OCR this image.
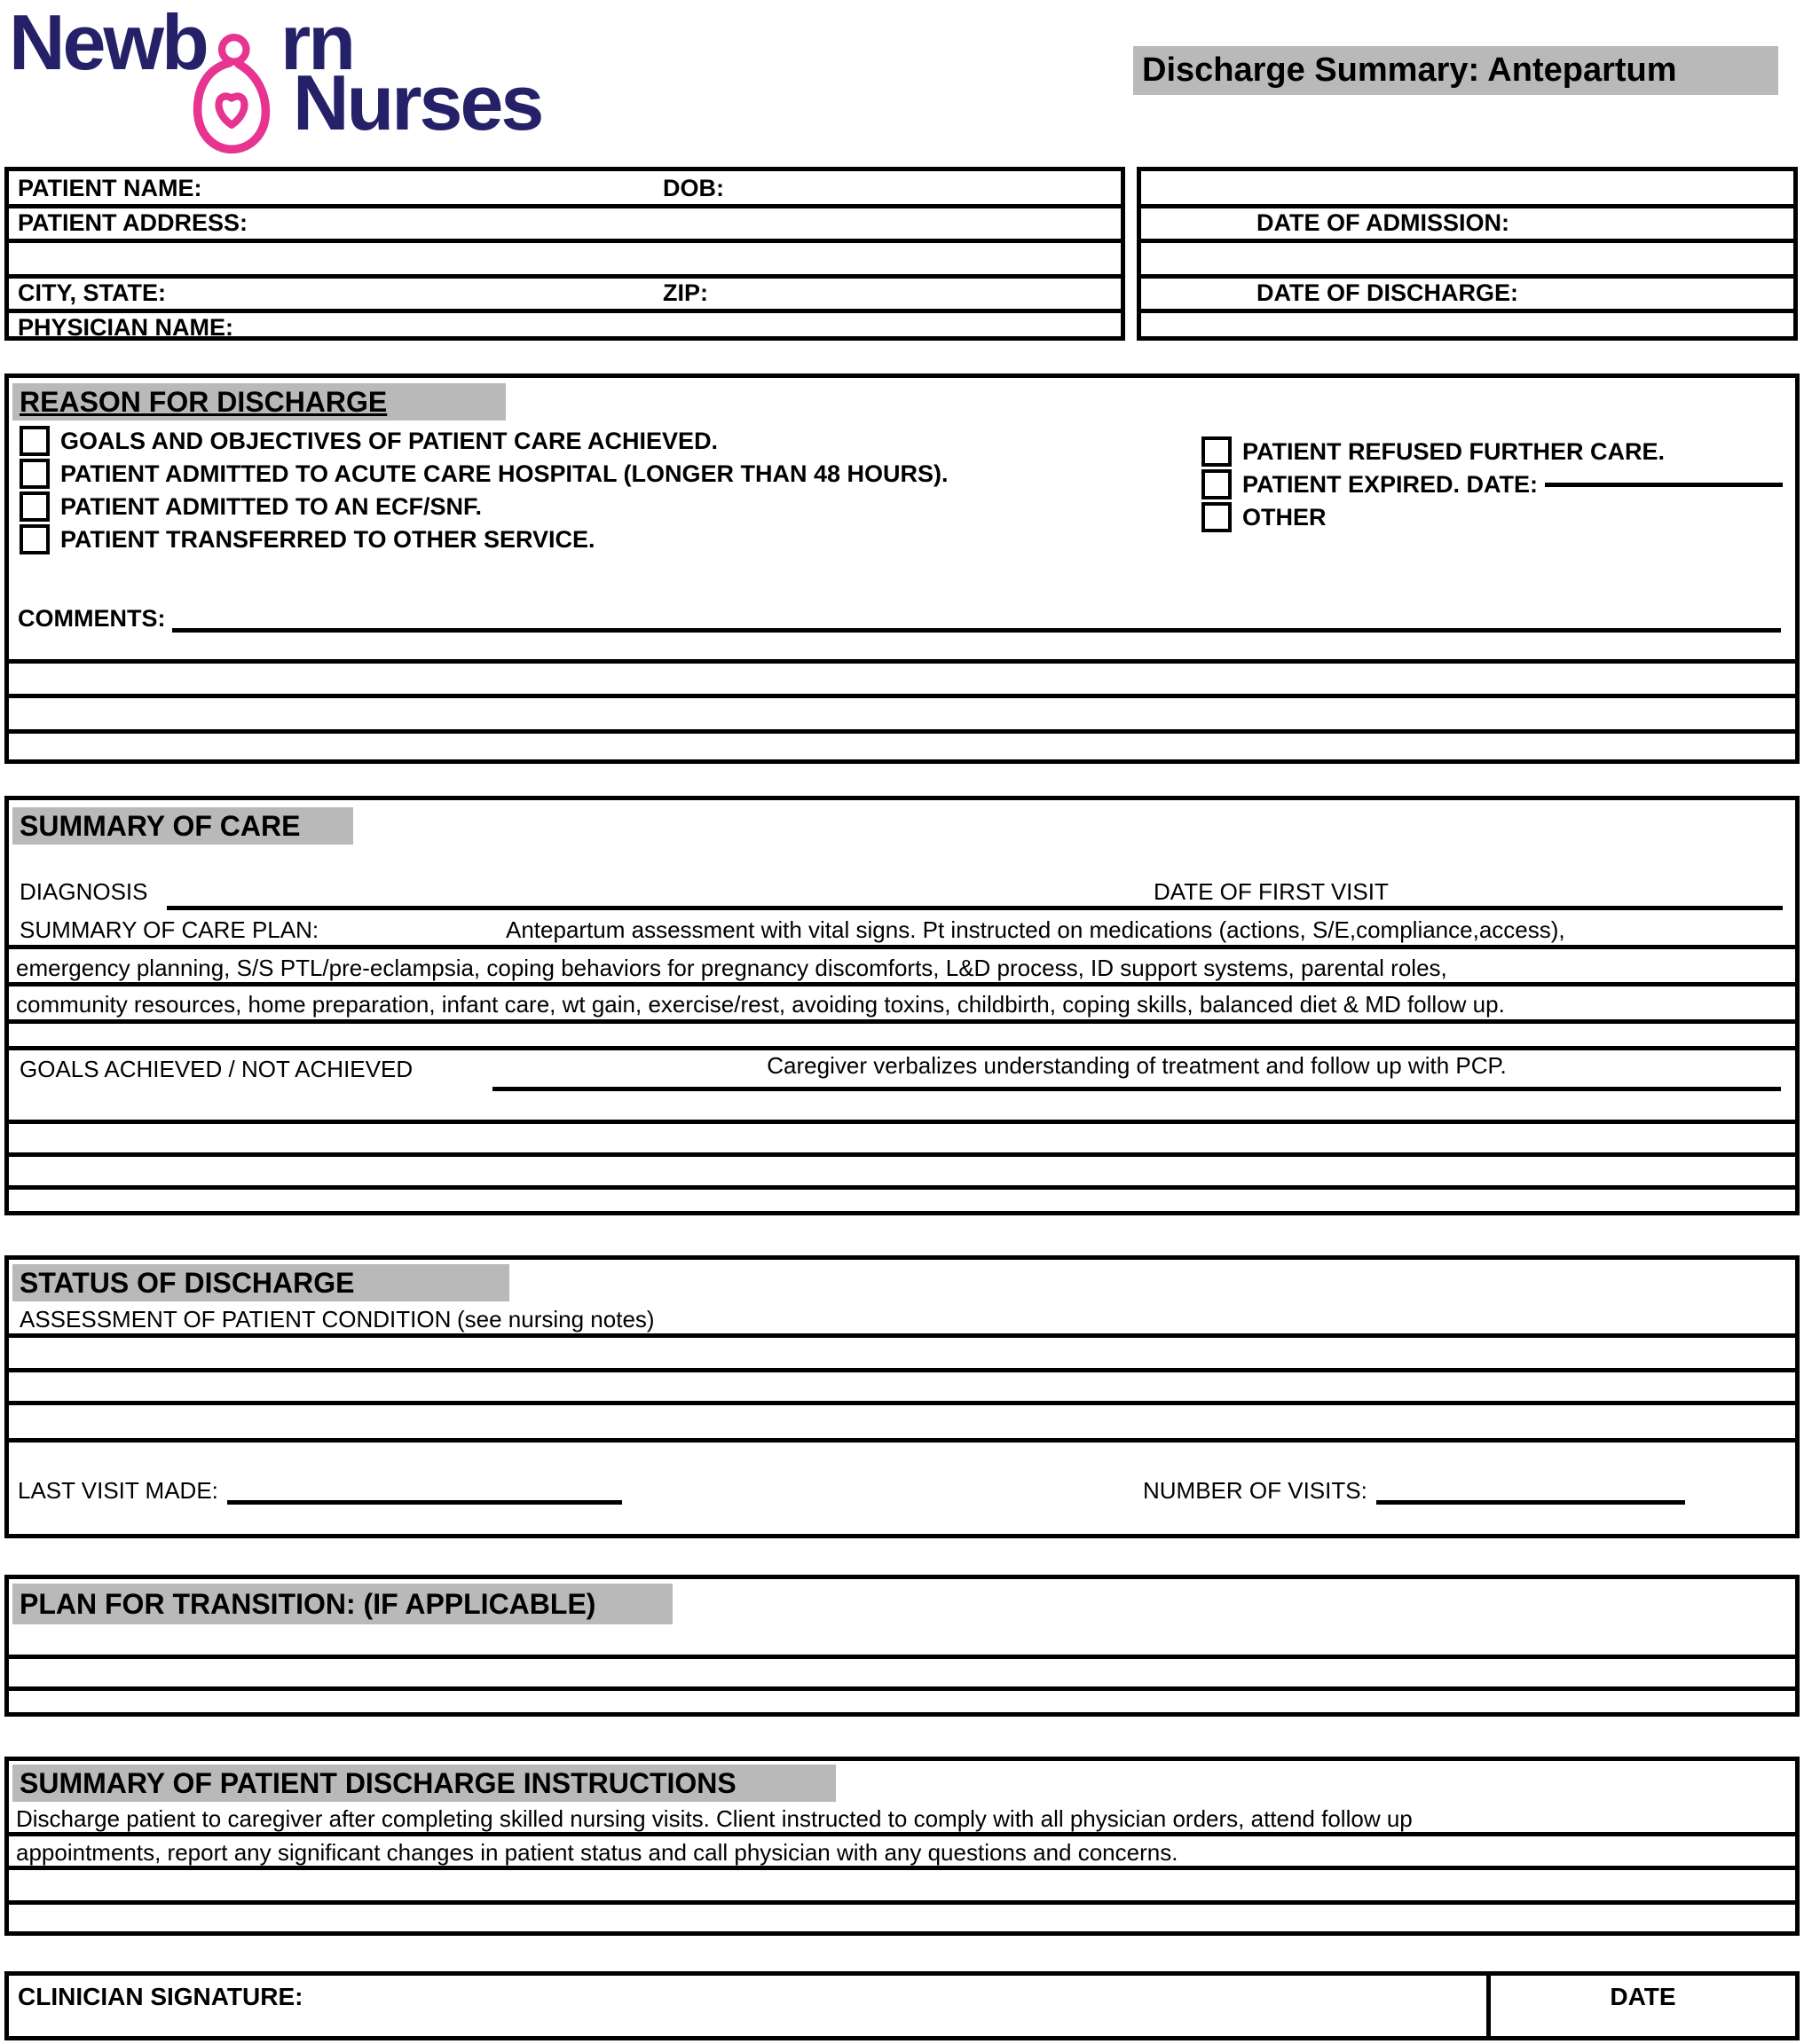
Newb rn
Nurses	Discharge Summary: Antepartum
PATIENT NAME:	DOB:
PATIENT ADDRESS:
CITY, STATE:	ZIP:
PHYSICIAN NAME:
DATE OF ADMISSION:
DATE OF DISCHARGE:
REASON FOR DISCHARGE
GOALS AND OBJECTIVES OF PATIENT CARE ACHIEVED.
PATIENT ADMITTED TO ACUTE CARE HOSPITAL (LONGER THAN 48 HOURS).
PATIENT ADMITTED TO AN ECF/SNF.
PATIENT TRANSFERRED TO OTHER SERVICE.
PATIENT REFUSED FURTHER CARE.
PATIENT EXPIRED. DATE:
OTHER
COMMENTS:
SUMMARY OF CARE
DIAGNOSIS	DATE OF FIRST VISIT
SUMMARY OF CARE PLAN:	Antepartum assessment with vital signs. Pt instructed on medications (actions, S/E,compliance,access),
emergency planning, S/S PTL/pre-eclampsia, coping behaviors for pregnancy discomforts, L&D process, ID support systems, parental roles,
community resources, home preparation, infant care, wt gain, exercise/rest, avoiding toxins, childbirth, coping skills, balanced diet & MD follow up.
GOALS ACHIEVED / NOT ACHIEVED	Caregiver verbalizes understanding of treatment and follow up with PCP.
STATUS OF DISCHARGE
ASSESSMENT OF PATIENT CONDITION (see nursing notes)
LAST VISIT MADE:	NUMBER OF VISITS:
PLAN FOR TRANSITION: (IF APPLICABLE)
SUMMARY OF PATIENT DISCHARGE INSTRUCTIONS
Discharge patient to caregiver after completing skilled nursing visits. Client instructed to comply with all physician orders, attend follow up
appointments, report any significant changes in patient status and call physician with any questions and concerns.
CLINICIAN SIGNATURE:	DATE
